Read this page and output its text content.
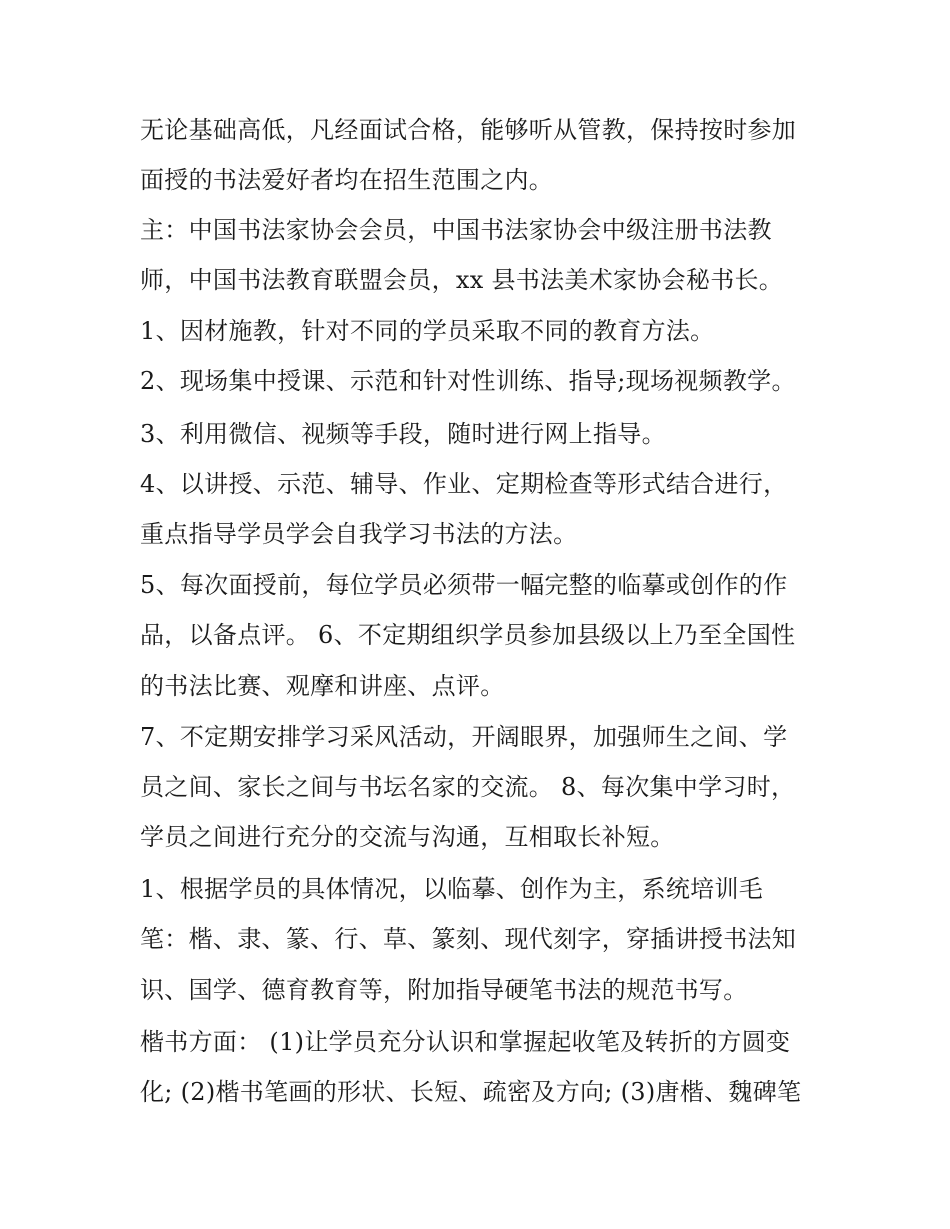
无论基础高低，凡经面试合格，能够听从管教，保持按时参加
面授的书法爱好者均在招生范围之内。
主：中国书法家协会会员，中国书法家协会中级注册书法教
师，中国书法教育联盟会员，xx 县书法美术家协会秘书长。
1、因材施教，针对不同的学员采取不同的教育方法。
2、现场集中授课、示范和针对性训练、指导;现场视频教学。
3、利用微信、视频等手段，随时进行网上指导。
4、以讲授、示范、辅导、作业、定期检查等形式结合进行，
重点指导学员学会自我学习书法的方法。
5、每次面授前，每位学员必须带一幅完整的临摹或创作的作
品，以备点评。 6、不定期组织学员参加县级以上乃至全国性
的书法比赛、观摩和讲座、点评。
7、不定期安排学习采风活动，开阔眼界，加强师生之间、学
员之间、家长之间与书坛名家的交流。 8、每次集中学习时，
学员之间进行充分的交流与沟通，互相取长补短。
1、根据学员的具体情况，以临摹、创作为主，系统培训毛
笔：楷、隶、篆、行、草、篆刻、现代刻字，穿插讲授书法知
识、国学、德育教育等，附加指导硬笔书法的规范书写。
楷书方面： (1)让学员充分认识和掌握起收笔及转折的方圆变
化; (2)楷书笔画的形状、长短、疏密及方向; (3)唐楷、魏碑笔
